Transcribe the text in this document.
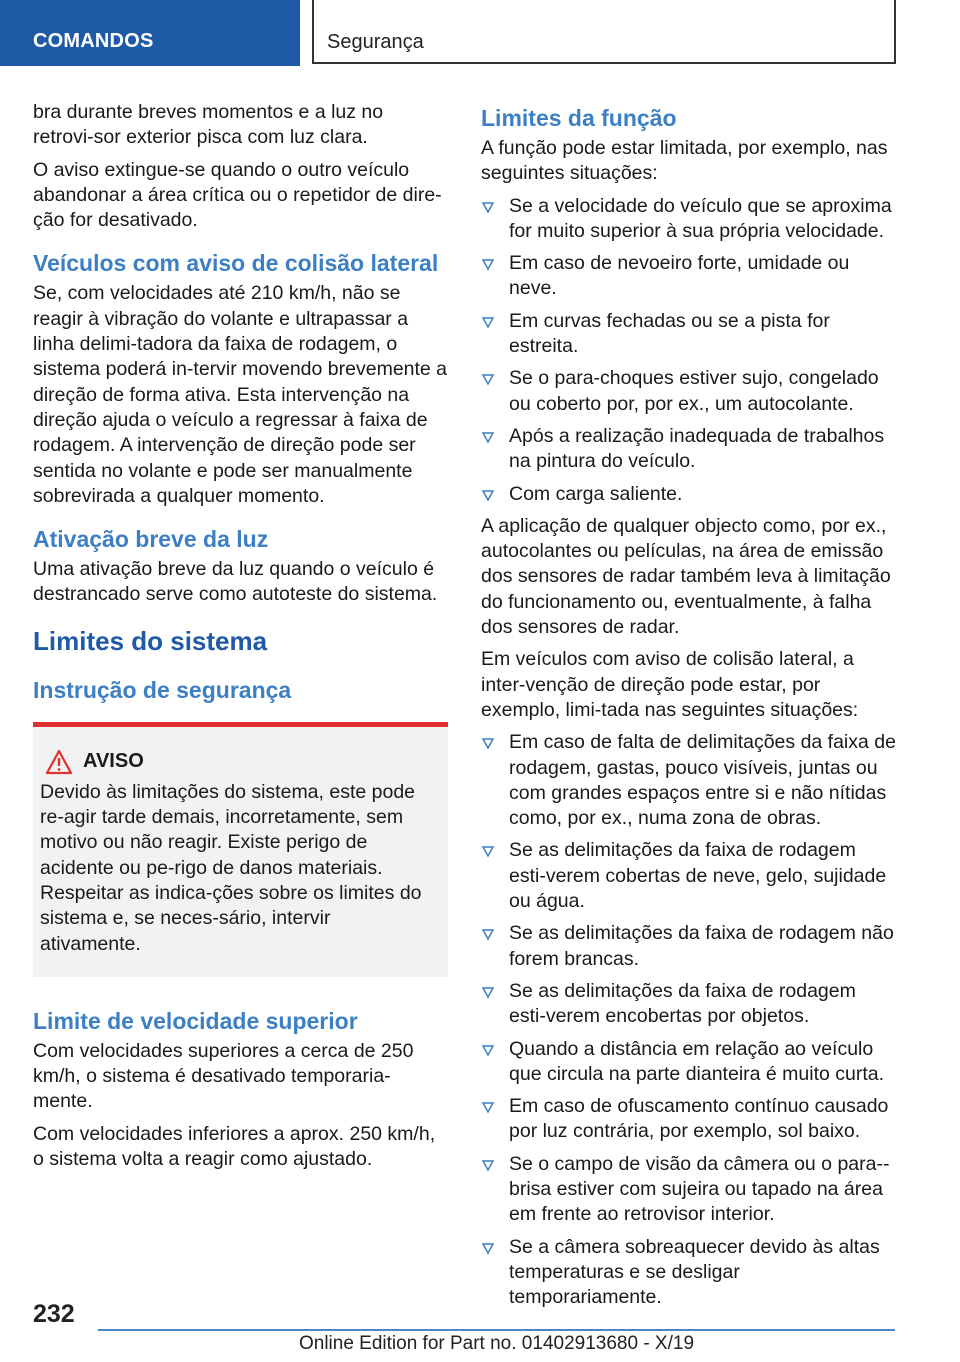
COMANDOS	Segurança

bra durante breves momentos e a luz no retrovi-sor exterior pisca com luz clara.

O aviso extingue-se quando o outro veículo abandonar a área crítica ou o repetidor de dire-ção for desativado.

Veículos com aviso de colisão lateral

Se, com velocidades até 210 km/h, não se reagir à vibração do volante e ultrapassar a linha delimi-tadora da faixa de rodagem, o sistema poderá in-tervir movendo brevemente a direção de forma ativa. Esta intervenção na direção ajuda o veículo a regressar à faixa de rodagem. A intervenção de direção pode ser sentida no volante e pode ser manualmente sobrevirada a qualquer momento.

Ativação breve da luz

Uma ativação breve da luz quando o veículo é destrancado serve como autoteste do sistema.

Limites do sistema
Instrução de segurança
AVISO
Devido às limitações do sistema, este pode re-agir tarde demais, incorretamente, sem motivo ou não reagir. Existe perigo de acidente ou pe-rigo de danos materiais. Respeitar as indica-ções sobre os limites do sistema e, se neces-sário, intervir ativamente.
Limite de velocidade superior

Com velocidades superiores a cerca de 250 km/h, o sistema é desativado temporaria-mente.

Com velocidades inferiores a aprox. 250 km/h, o sistema volta a reagir como ajustado.

Limites da função

A função pode estar limitada, por exemplo, nas seguintes situações:

Se a velocidade do veículo que se aproxima for muito superior à sua própria velocidade.
Em caso de nevoeiro forte, umidade ou neve.
Em curvas fechadas ou se a pista for estreita.
Se o para-choques estiver sujo, congelado ou coberto por, por ex., um autocolante.
Após a realização inadequada de trabalhos na pintura do veículo.
Com carga saliente.

A aplicação de qualquer objecto como, por ex., autocolantes ou películas, na área de emissão dos sensores de radar também leva à limitação do funcionamento ou, eventualmente, à falha dos sensores de radar.

Em veículos com aviso de colisão lateral, a inter-venção de direção pode estar, por exemplo, limi-tada nas seguintes situações:

Em caso de falta de delimitações da faixa de rodagem, gastas, pouco visíveis, juntas ou com grandes espaços entre si e não nítidas como, por ex., numa zona de obras.
Se as delimitações da faixa de rodagem esti-verem cobertas de neve, gelo, sujidade ou água.
Se as delimitações da faixa de rodagem não forem brancas.
Se as delimitações da faixa de rodagem esti-verem encobertas por objetos.
Quando a distância em relação ao veículo que circula na parte dianteira é muito curta.
Em caso de ofuscamento contínuo causado por luz contrária, por exemplo, sol baixo.
Se o campo de visão da câmera ou o para--brisa estiver com sujeira ou tapado na área em frente ao retrovisor interior.
Se a câmera sobreaquecer devido às altas temperaturas e se desligar temporariamente.
232
Online Edition for Part no. 01402913680 - X/19
